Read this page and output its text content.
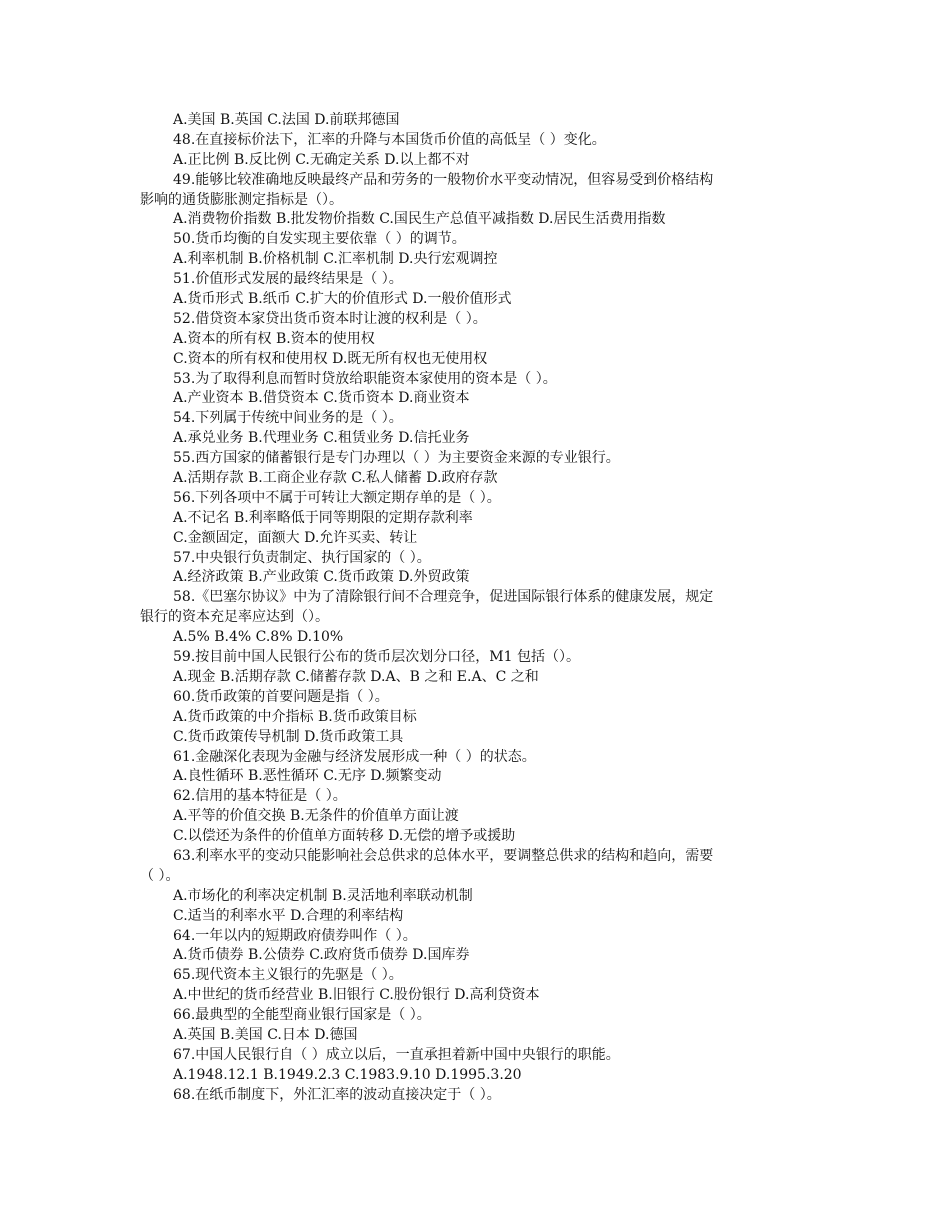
A.美国 B.英国 C.法国 D.前联邦德国
48.在直接标价法下，汇率的升降与本国货币价值的高低呈（ ）变化。
A.正比例 B.反比例 C.无确定关系 D.以上都不对
49.能够比较准确地反映最终产品和劳务的一般物价水平变动情况，但容易受到价格结构
影响的通货膨胀测定指标是（）。
A.消费物价指数 B.批发物价指数 C.国民生产总值平减指数 D.居民生活费用指数
50.货币均衡的自发实现主要依靠（ ）的调节。
A.利率机制 B.价格机制 C.汇率机制 D.央行宏观调控
51.价值形式发展的最终结果是（ ）。
A.货币形式 B.纸币 C.扩大的价值形式 D.一般价值形式
52.借贷资本家贷出货币资本时让渡的权利是（ ）。
A.资本的所有权 B.资本的使用权
C.资本的所有权和使用权 D.既无所有权也无使用权
53.为了取得利息而暂时贷放给职能资本家使用的资本是（ ）。
A.产业资本 B.借贷资本 C.货币资本 D.商业资本
54.下列属于传统中间业务的是（ ）。
A.承兑业务 B.代理业务 C.租赁业务 D.信托业务
55.西方国家的储蓄银行是专门办理以（ ）为主要资金来源的专业银行。
A.活期存款 B.工商企业存款 C.私人储蓄 D.政府存款
56.下列各项中不属于可转让大额定期存单的是（ ）。
A.不记名 B.利率略低于同等期限的定期存款利率
C.金额固定，面额大 D.允许买卖、转让
57.中央银行负责制定、执行国家的（ ）。
A.经济政策 B.产业政策 C.货币政策 D.外贸政策
58.《巴塞尔协议》中为了清除银行间不合理竞争，促进国际银行体系的健康发展，规定
银行的资本充足率应达到（）。
A.5% B.4% C.8% D.10%
59.按目前中国人民银行公布的货币层次划分口径，M1 包括（）。
A.现金 B.活期存款 C.储蓄存款 D.A、B 之和 E.A、C 之和
60.货币政策的首要问题是指（ ）。
A.货币政策的中介指标 B.货币政策目标
C.货币政策传导机制 D.货币政策工具
61.金融深化表现为金融与经济发展形成一种（ ）的状态。
A.良性循环 B.恶性循环 C.无序 D.频繁变动
62.信用的基本特征是（ ）。
A.平等的价值交换 B.无条件的价值单方面让渡
C.以偿还为条件的价值单方面转移 D.无偿的增予或援助
63.利率水平的变动只能影响社会总供求的总体水平，要调整总供求的结构和趋向，需要
（ ）。
A.市场化的利率决定机制 B.灵活地利率联动机制
C.适当的利率水平 D.合理的利率结构
64.一年以内的短期政府债券叫作（ ）。
A.货币债券 B.公债券 C.政府货币债券 D.国库券
65.现代资本主义银行的先驱是（ ）。
A.中世纪的货币经营业 B.旧银行 C.股份银行 D.高利贷资本
66.最典型的全能型商业银行国家是（ ）。
A.英国 B.美国 C.日本 D.德国
67.中国人民银行自（ ）成立以后，一直承担着新中国中央银行的职能。
A.1948.12.1 B.1949.2.3 C.1983.9.10 D.1995.3.20
68.在纸币制度下，外汇汇率的波动直接决定于（ ）。
